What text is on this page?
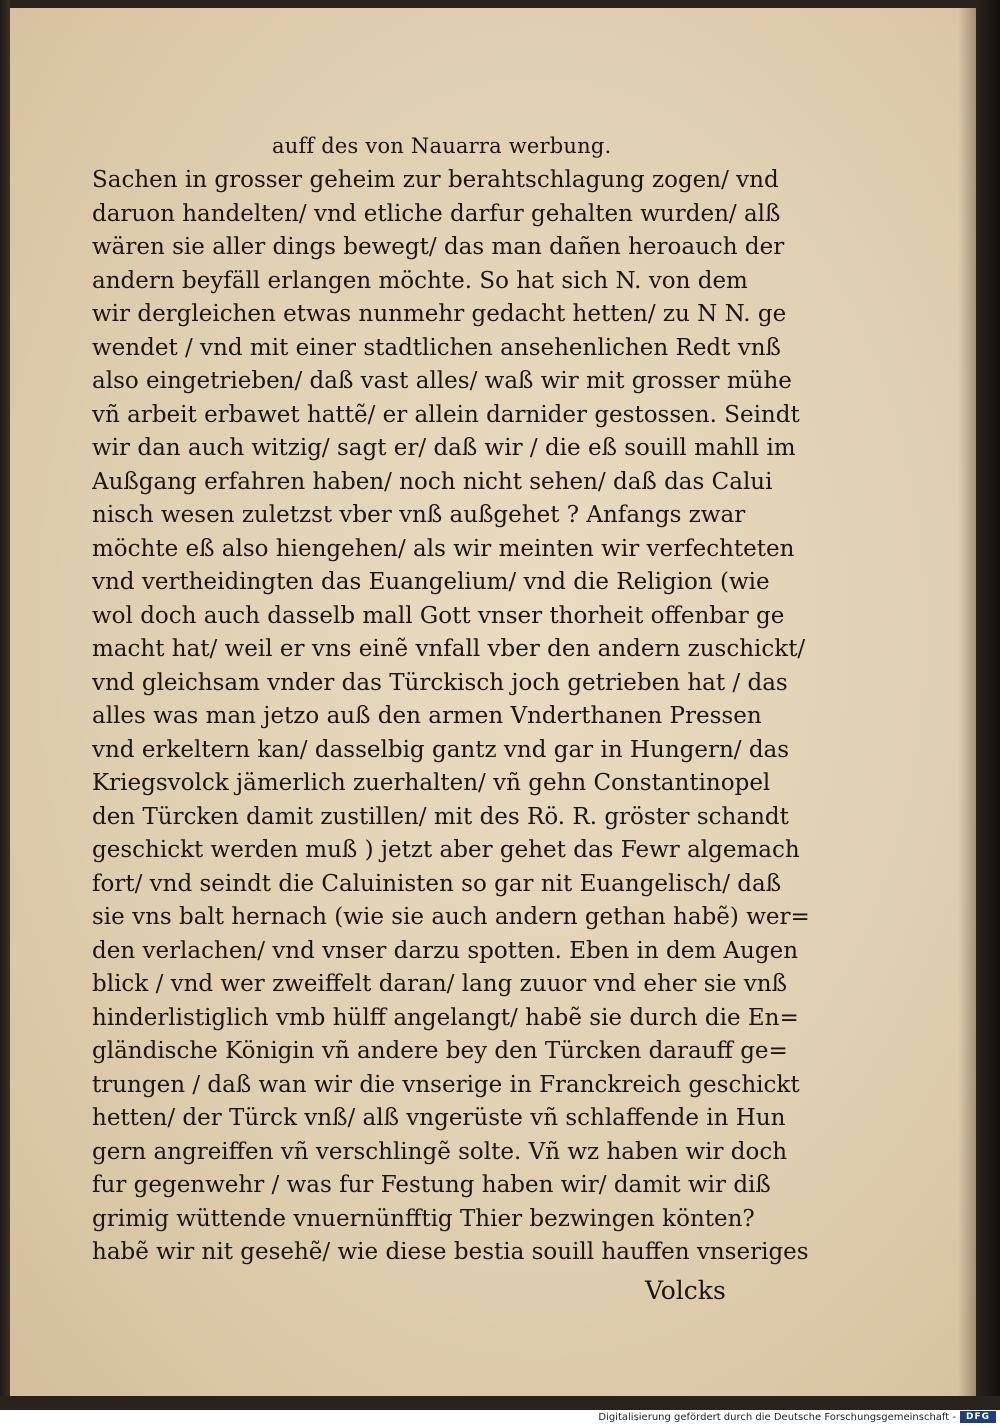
auff des von Nauarra werbung.
Sachen in grosser geheim zur berahtschlagung zogen/ vnd
daruon handelten/ vnd etliche darfur gehalten wurden/ alß
wären sie aller dings bewegt/ das man dañen heroauch der
andern beyfäll erlangen möchte. So hat sich N. von dem
wir dergleichen etwas nunmehr gedacht hetten/ zu N N. ge
wendet / vnd mit einer stadtlichen ansehenlichen Redt vnß
also eingetrieben/ daß vast alles/ waß wir mit grosser mühe
vñ arbeit erbawet hattẽ/ er allein darnider gestossen. Seindt
wir dan auch witzig/ sagt er/ daß wir / die eß souill mahll im
Außgang erfahren haben/ noch nicht sehen/ daß das Calui
nisch wesen zuletzst vber vnß außgehet ? Anfangs zwar
möchte eß also hiengehen/ als wir meinten wir verfechteten
vnd vertheidingten das Euangelium/ vnd die Religion (wie
wol doch auch dasselb mall Gott vnser thorheit offenbar ge
macht hat/ weil er vns einẽ vnfall vber den andern zuschickt/
vnd gleichsam vnder das Türckisch joch getrieben hat / das
alles was man jetzo auß den armen Vnderthanen Pressen
vnd erkeltern kan/ dasselbig gantz vnd gar in Hungern/ das
Kriegsvolck jämerlich zuerhalten/ vñ gehn Constantinopel
den Türcken damit zustillen/ mit des Rö. R. gröster schandt
geschickt werden muß ) jetzt aber gehet das Fewr algemach
fort/ vnd seindt die Caluinisten so gar nit Euangelisch/ daß
sie vns balt hernach (wie sie auch andern gethan habẽ) wer=
den verlachen/ vnd vnser darzu spotten. Eben in dem Augen
blick / vnd wer zweiffelt daran/ lang zuuor vnd eher sie vnß
hinderlistiglich vmb hülff angelangt/ habẽ sie durch die En=
gländische Königin vñ andere bey den Türcken darauff ge=
trungen / daß wan wir die vnserige in Franckreich geschickt
hetten/ der Türck vnß/ alß vngerüste vñ schlaffende in Hun
gern angreiffen vñ verschlingẽ solte. Vñ wz haben wir doch
fur gegenwehr / was fur Festung haben wir/ damit wir diß
grimig wüttende vnuernünfftig Thier bezwingen könten?
habẽ wir nit gesehẽ/ wie diese bestia souill hauffen vnseriges
Volcks
Digitalisierung gefördert durch die Deutsche Forschungsgemeinschaft -	DFG
